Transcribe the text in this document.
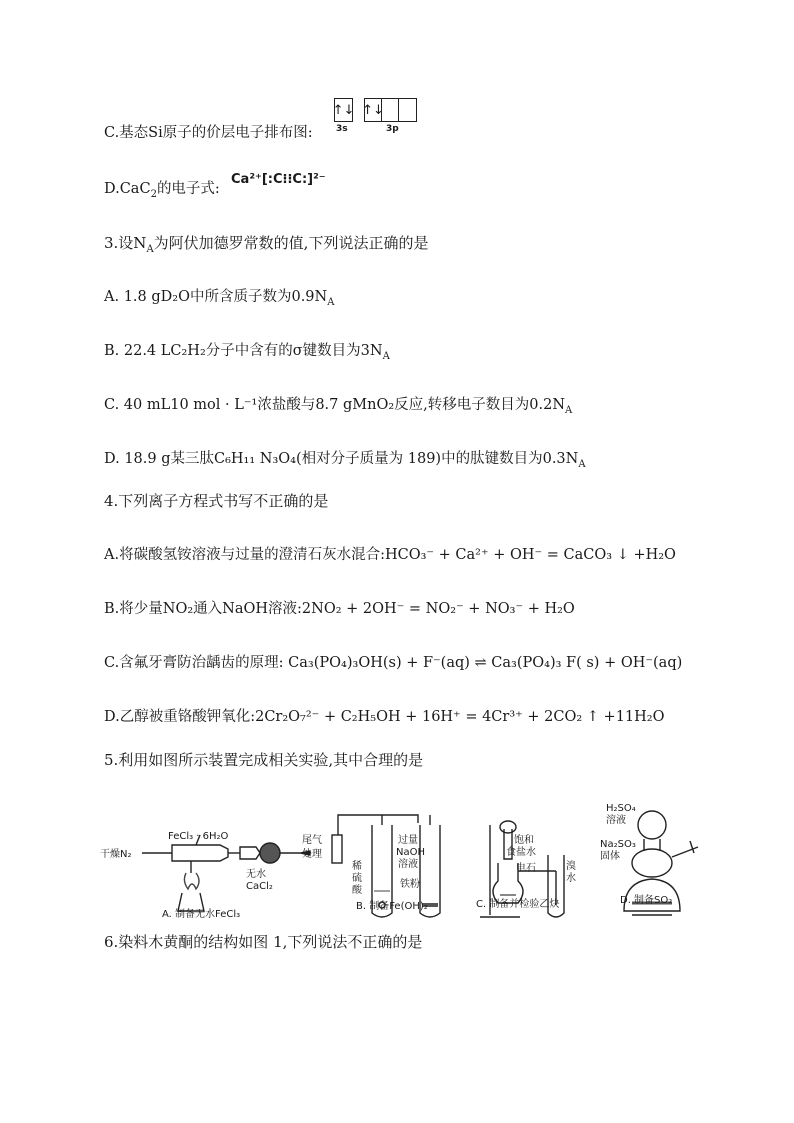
C.基态Si原子的价层电子排布图:
↑↓ ↑↓
3s	3p
D.CaC$_2$的电子式:
Ca²⁺[:C⁝⁝C:]²⁻
3.设$N_A$为阿伏加德罗常数的值,下列说法正确的是
A. 1.8 gD₂O中所含质子数为$0.9N_A$
B. 22.4 LC₂H₂分子中含有的σ键数目为$3N_A$
C. 40 mL10 mol · L⁻¹浓盐酸与8.7 gMnO₂反应,转移电子数目为$0.2N_A$
D. 18.9 g某三肽C₆H₁₁ N₃O₄(相对分子质量为 189)中的肽键数目为$0.3N_A$
4.下列离子方程式书写不正确的是
A.将碳酸氢铵溶液与过量的澄清石灰水混合:HCO₃⁻ + Ca²⁺ + OH⁻ = CaCO₃ ↓ +H₂O
B.将少量NO₂通入NaOH溶液:2NO₂ + 2OH⁻ = NO₂⁻ + NO₃⁻ + H₂O
C.含氟牙膏防治龋齿的原理: Ca₃(PO₄)₃OH(s) + F⁻(aq) ⇌ Ca₃(PO₄)₃ F( s) + OH⁻(aq)
D.乙醇被重铬酸钾氧化:2Cr₂O₇²⁻ + C₂H₅OH + 16H⁺ = 4Cr³⁺ + 2CO₂ ↑ +11H₂O
5.利用如图所示装置完成相关实验,其中合理的是
干燥N₂
FeCl₃ · 6H₂O
无水
CaCl₂
尾气
处理
A. 制备无水FeCl₃
稀
硫
酸
过量
NaOH
溶液
铁粉
B. 制备Fe(OH)₂
饱和
食盐水
电石	溴
水
C. 制备并检验乙炔
H₂SO₄
溶液
Na₂SO₃
固体
D. 制备SO₂
6.染料木黄酮的结构如图 1,下列说法不正确的是
